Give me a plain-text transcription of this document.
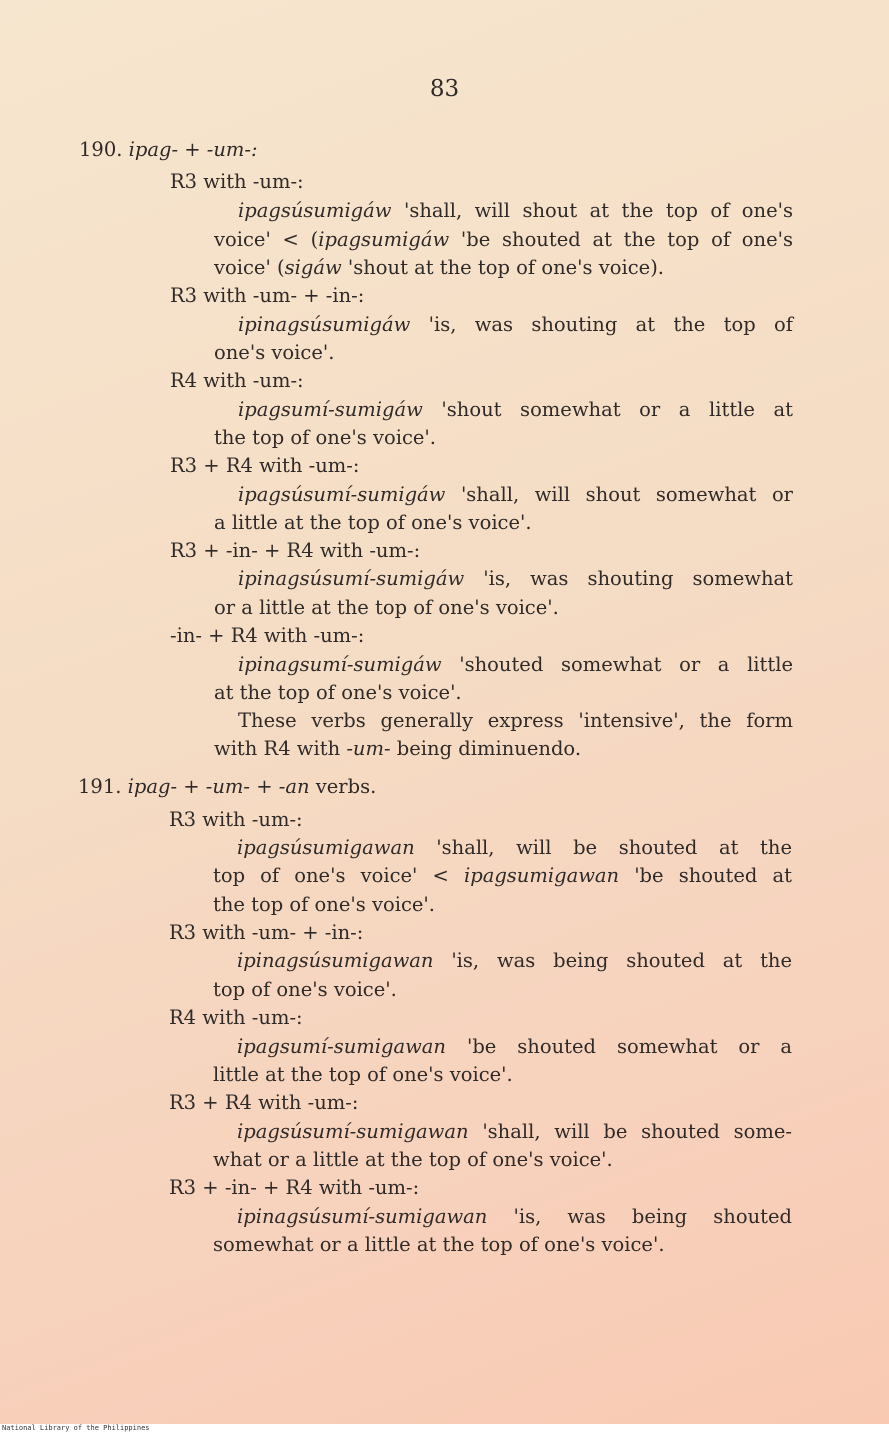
83
190. ipag- + -um-:
R3 with -um-:
ipagsúsumigáw 'shall, will shout at the top of one's
voice' < (ipagsumigáw 'be shouted at the top of one's
voice' (sigáw 'shout at the top of one's voice).
R3 with -um- + -in-:
ipinagsúsumigáw 'is, was shouting at the top of
one's voice'.
R4 with -um-:
ipagsumí-sumigáw 'shout somewhat or a little at
the top of one's voice'.
R3 + R4 with -um-:
ipagsúsumí-sumigáw 'shall, will shout somewhat or
a little at the top of one's voice'.
R3 + -in- + R4 with -um-:
ipinagsúsumí-sumigáw 'is, was shouting somewhat
or a little at the top of one's voice'.
-in- + R4 with -um-:
ipinagsumí-sumigáw 'shouted somewhat or a little
at the top of one's voice'.
These verbs generally express 'intensive', the form
with R4 with -um- being diminuendo.
191. ipag- + -um- + -an verbs.
R3 with -um-:
ipagsúsumigawan 'shall, will be shouted at the
top of one's voice' < ipagsumigawan 'be shouted at
the top of one's voice'.
R3 with -um- + -in-:
ipinagsúsumigawan 'is, was being shouted at the
top of one's voice'.
R4 with -um-:
ipagsumí-sumigawan 'be shouted somewhat or a
little at the top of one's voice'.
R3 + R4 with -um-:
ipagsúsumí-sumigawan 'shall, will be shouted some-
what or a little at the top of one's voice'.
R3 + -in- + R4 with -um-:
ipinagsúsumí-sumigawan 'is, was being shouted
somewhat or a little at the top of one's voice'.
National Library of the Philippines
